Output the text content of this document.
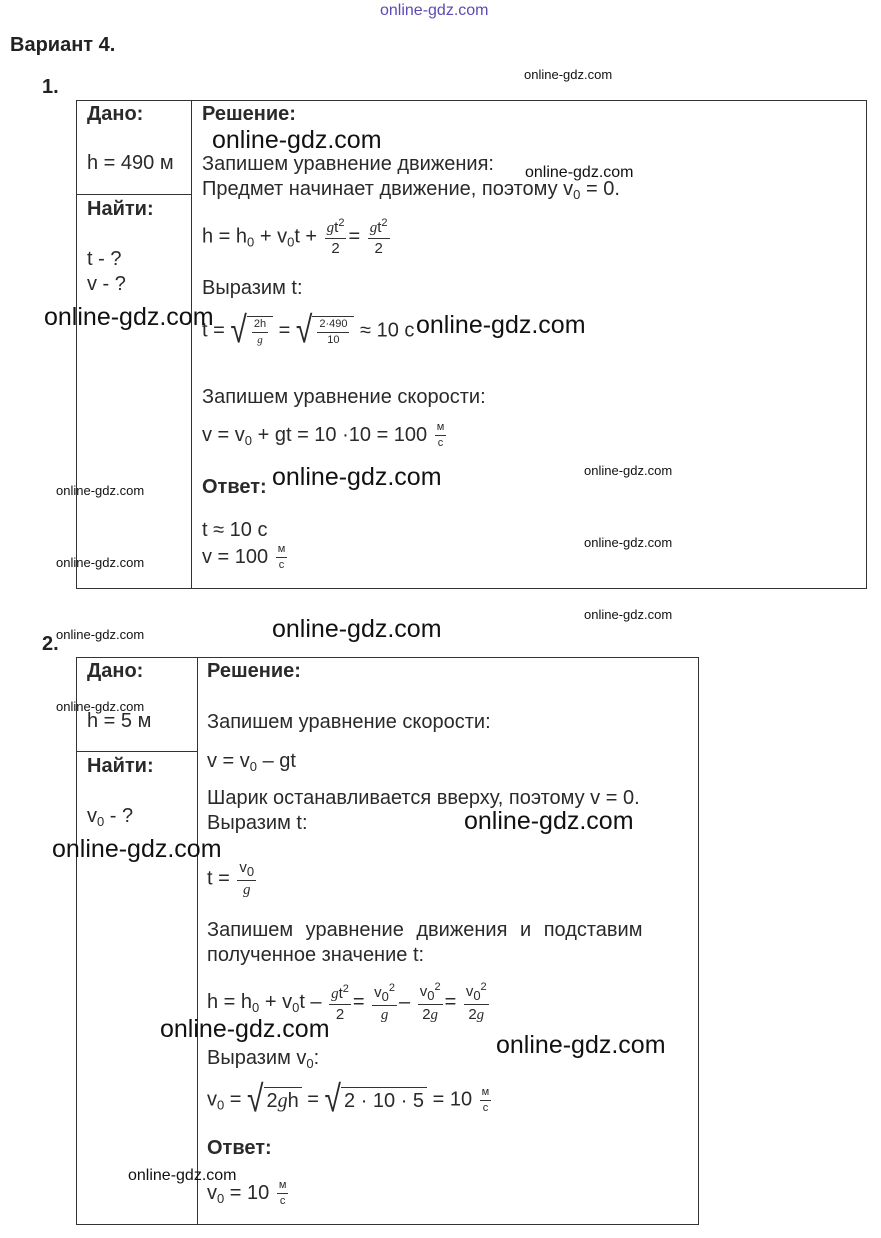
online-gdz.com
Вариант 4.
1.
Дано:
h = 490 м
Найти:
t - ?
v - ?
Решение:
Запишем уравнение движения:
Предмет начинает движение, поэтому $v_0 = 0$.
$h = h_0 + v_0t + \frac{gt^2}{2} = \frac{gt^2}{2}$
Выразим t:
t = √ $\frac{2h}{g}$ = √ $\frac{2\cdot 490}{10} \approx 10$ с
Запишем уравнение скорости:
$v = v_0$ + gt = $10 \cdot 10 = 100 \frac{м}{с}$
Ответ:
t ≈ 10 с
$v = 100 \frac{м}{с}$
2.
Дано:
h = 5 м
Найти:
$v_0$ - ?
Решение:
Запишем уравнение скорости:
$v = v_0$ – gt
Шарик останавливается вверху, поэтому v = 0.
Выразим t:
$t = \frac{v_0}{g}$
Запишем уравнение движения и подставим
полученное значение t:
$h = h_0 + v_0t - \frac{gt^2}{2} = \frac{v_0^2}{g} - \frac{v_0^2}{2g} = \frac{v_0^2}{2g}$
Выразим $v_0$:
$v_0$ = √ 2gh = √ $2 \cdot 10 \cdot 5 = 10 \frac{м}{с}$
Ответ:
$v_0 = 10 \frac{м}{с}$
online-gdz.com
online-gdz.com
online-gdz.com
online-gdz.com	online-gdz.com
online-gdz.com	online-gdz.com
online-gdz.com
online-gdz.com
online-gdz.com
online-gdz.com
online-gdz.com
online-gdz.com
online-gdz.com
online-gdz.com
online-gdz.com
online-gdz.com
online-gdz.com
online-gdz.com
